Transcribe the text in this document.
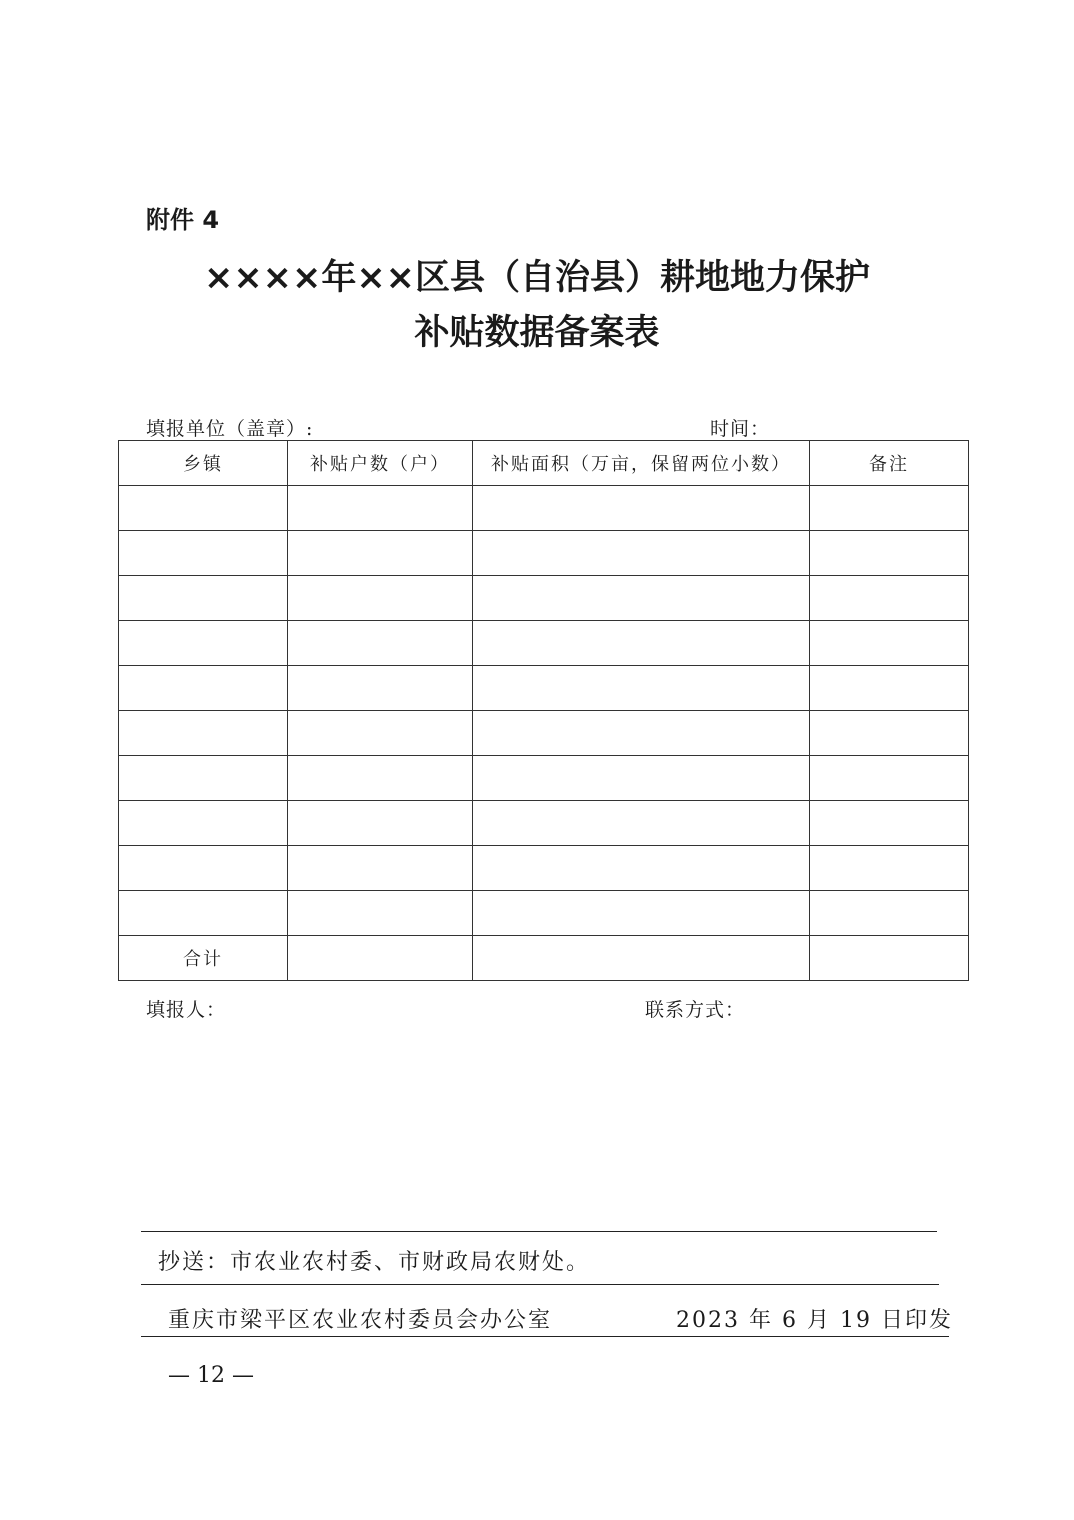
附件 4
××××年××区县（自治县）耕地地力保护
补贴数据备案表
填报单位（盖章）:	时间：
乡镇	补贴户数（户）	补贴面积（万亩，保留两位小数）	备注

合计			
填报人：	联系方式：
抄送：市农业农村委、市财政局农财处。
重庆市梁平区农业农村委员会办公室	2023 年 6 月 19 日印发
— 12 —
